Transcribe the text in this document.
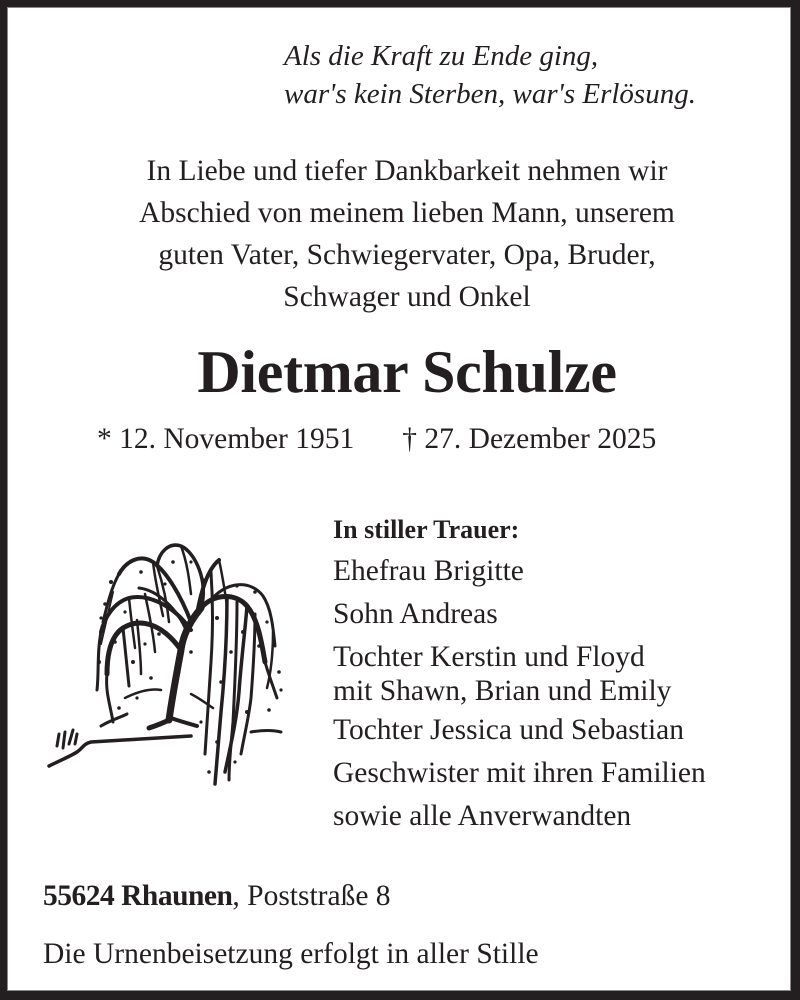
Als die Kraft zu Ende ging,
war's kein Sterben, war's Erlösung.
In Liebe und tiefer Dankbarkeit nehmen wir
Abschied von meinem lieben Mann, unserem
guten Vater, Schwiegervater, Opa, Bruder,
Schwager und Onkel
Dietmar Schulze
* 12. November 1951 † 27. Dezember 2025
In stiller Trauer:
Ehefrau Brigitte
Sohn Andreas
Tochter Kerstin und Floyd
mit Shawn, Brian und Emily
Tochter Jessica und Sebastian
Geschwister mit ihren Familien
sowie alle Anverwandten
55624 Rhaunen, Poststraße 8
Die Urnenbeisetzung erfolgt in aller Stille
